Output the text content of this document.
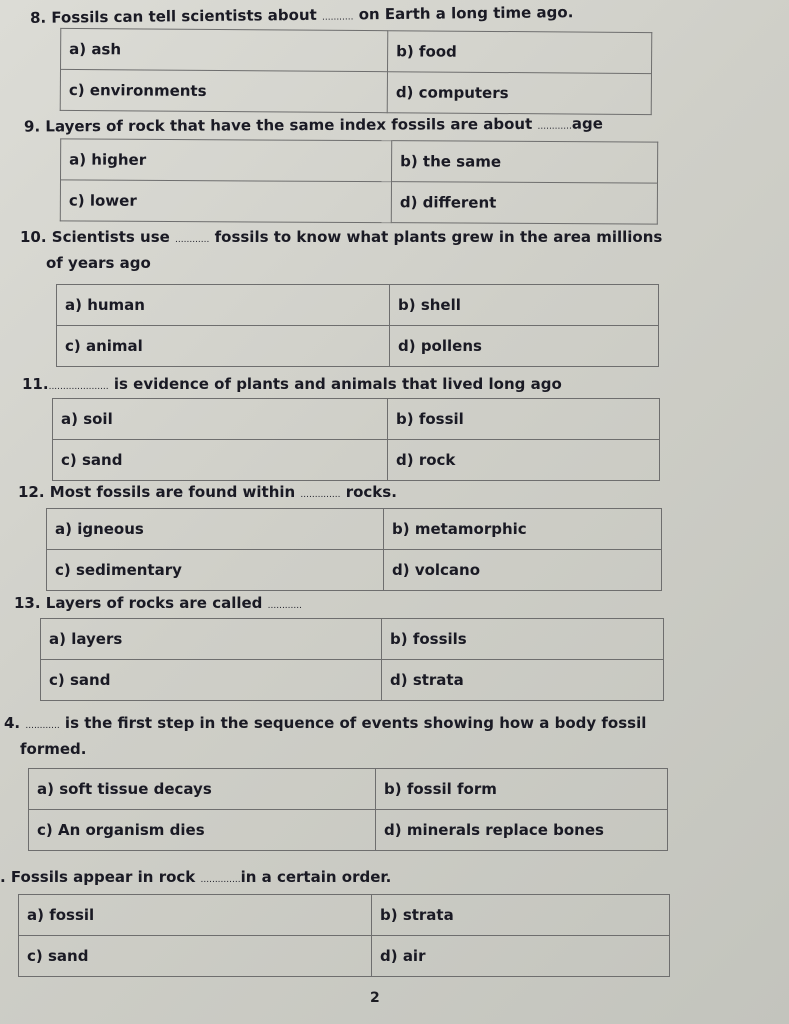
8. Fossils can tell scientists about ........... on Earth a long time ago.
a) ash	b) food
c) environments	d) computers
9. Layers of rock that have the same index fossils are about ............age
a) higher	b) the same
c) lower	d) different
10. Scientists use ............ fossils to know what plants grew in the area millions
of years ago
a) human	b) shell
c) animal	d) pollens
11...................... is evidence of plants and animals that lived long ago
a) soil	b) fossil
c) sand	d) rock
12. Most fossils are found within .............. rocks.
a) igneous	b) metamorphic
c) sedimentary	d) volcano
13. Layers of rocks are called ............
a) layers	b) fossils
c) sand	d) strata
4. ............ is the first step in the sequence of events showing how a body fossil
formed.
a) soft tissue decays	b) fossil form
c) An organism dies	d) minerals replace bones
. Fossils appear in rock ..............in a certain order.
a) fossil	b) strata
c) sand	d) air
2
